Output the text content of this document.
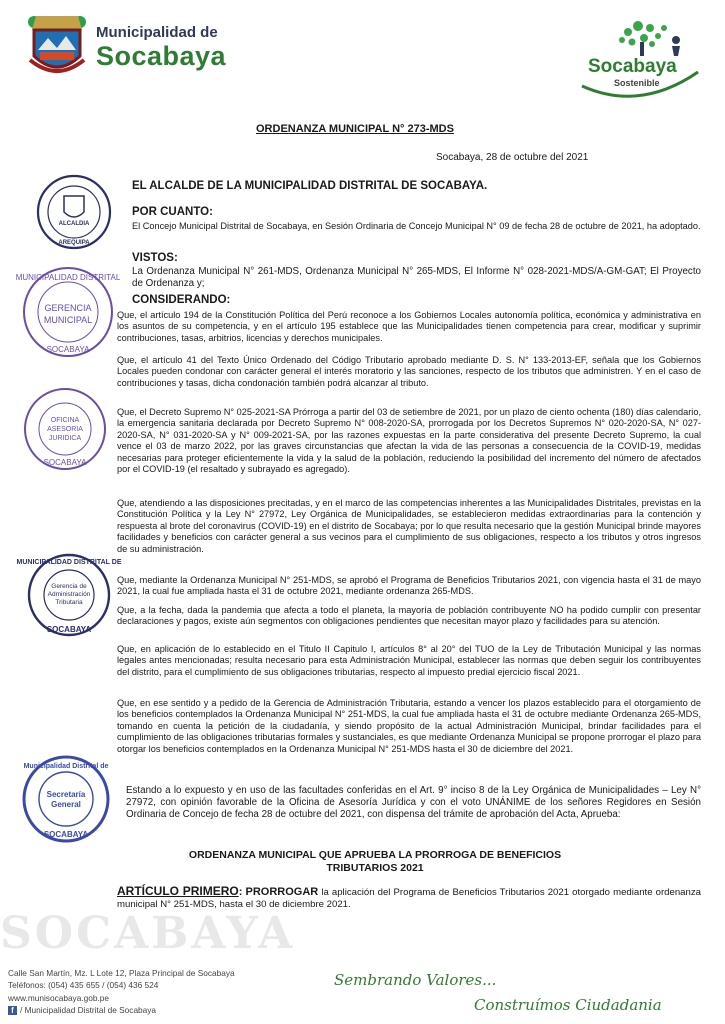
Municipalidad de
Socabaya	Socabaya
Sostenible
ORDENANZA MUNICIPAL N° 273-MDS
Socabaya, 28 de octubre del 2021
EL ALCALDE DE LA MUNICIPALIDAD DISTRITAL DE SOCABAYA.
POR CUANTO:

El Concejo Municipal Distrital de Socabaya, en Sesión Ordinaria de Concejo Municipal N° 09 de fecha 28 de octubre de 2021, ha adoptado.

VISTOS:

La Ordenanza Municipal N° 261-MDS, Ordenanza Municipal N° 265-MDS, El Informe N° 028-2021-MDS/A-GM-GAT; El Proyecto de Ordenanza y;

CONSIDERANDO:

Que, el artículo 194 de la Constitución Política del Perú reconoce a los Gobiernos Locales autonomía política, económica y administrativa en los asuntos de su competencia, y en el artículo 195 establece que las Municipalidades tienen competencia para crear, modificar y suprimir contribuciones, tasas, arbitrios, licencias y derechos municipales.

Que, el artículo 41 del Texto Único Ordenado del Código Tributario aprobado mediante D. S. N° 133-2013-EF, señala que los Gobiernos Locales pueden condonar con carácter general el interés moratorio y las sanciones, respecto de los tributos que administren. Y en el caso de contribuciones y tasas, dicha condonación también podrá alcanzar al tributo.

Que, el Decreto Supremo N° 025-2021-SA Prórroga a partir del 03 de setiembre de 2021, por un plazo de ciento ochenta (180) días calendario, la emergencia sanitaria declarada por Decreto Supremo N° 008-2020-SA, prorrogada por los Decretos Supremos N° 020-2020-SA, N° 027-2020-SA, N° 031-2020-SA y N° 009-2021-SA, por las razones expuestas en la parte considerativa del presente Decreto Supremo, la cual vence el 03 de marzo 2022, por las graves circunstancias que afectan la vida de las personas a consecuencia de la COVID-19, medidas necesarias para proteger eficientemente la vida y la salud de la población, reduciendo la posibilidad del incremento del número de afectados por el COVID-19 (el resaltado y subrayado es agregado).

Que, atendiendo a las disposiciones precitadas, y en el marco de las competencias inherentes a las Municipalidades Distritales, previstas en la Constitución Política y la Ley N° 27972, Ley Orgánica de Municipalidades, se establecieron medidas extraordinarias para la contención y respuesta al brote del coronavirus (COVID-19) en el distrito de Socabaya; por lo que resulta necesario que la gestión Municipal brinde mayores facilidades y beneficios con carácter general a sus vecinos para el cumplimiento de sus obligaciones, respecto a los tributos y otros ingresos de su administración.

Que, mediante la Ordenanza Municipal N° 251-MDS, se aprobó el Programa de Beneficios Tributarios 2021, con vigencia hasta el 31 de mayo 2021, la cual fue ampliada hasta el 31 de octubre 2021, mediante ordenanza 265-MDS.

Que, a la fecha, dada la pandemia que afecta a todo el planeta, la mayoría de población contribuyente NO ha podido cumplir con presentar declaraciones y pagos, existe aún segmentos con obligaciones pendientes que necesitan mayor plazo y facilidades para su atención.

Que, en aplicación de lo establecido en el Titulo II Capitulo I, artículos 8° al 20° del TUO de la Ley de Tributación Municipal y las normas legales antes mencionadas; resulta necesario para esta Administración Municipal, establecer las normas que deben seguir los contribuyentes del distrito, para el cumplimiento de sus obligaciones tributarias, respecto al impuesto predial ejercicio fiscal 2021.

Que, en ese sentido y a pedido de la Gerencia de Administración Tributaria, estando a vencer los plazos establecido para el otorgamiento de los beneficios contemplados la Ordenanza Municipal N° 251-MDS, la cual fue ampliada hasta el 31 de octubre mediante Ordenanza 265-MDS, tomando en cuenta la petición de la ciudadanía, y siendo propósito de la actual Administración Municipal, brindar facilidades para el cumplimiento de las obligaciones tributarias formales y sustanciales, es que mediante Ordenanza Municipal se propone prorrogar el plazo para otorgar los beneficios contemplados en la Ordenanza Municipal N° 251-MDS hasta el 30 de diciembre del 2021.

Estando a lo expuesto y en uso de las facultades conferidas en el Art. 9° inciso 8 de la Ley Orgánica de Municipalidades – Ley N° 27972, con opinión favorable de la Oficina de Asesoría Jurídica y con el voto UNÁNIME de los señores Regidores en Sesión Ordinaria de Concejo de fecha 28 de octubre del 2021, con dispensa del trámite de aprobación del Acta, Aprueba:

ORDENANZA MUNICIPAL QUE APRUEBA LA PRORROGA DE BENEFICIOS
TRIBUTARIOS 2021
SOCABAYA

ARTÍCULO PRIMERO: PRORROGAR la aplicación del Programa de Beneficios Tributarios 2021 otorgado mediante ordenanza municipal N° 251-MDS, hasta el 30 de diciembre 2021.

ALCALDIA
AREQUIPA
MUNICIPALIDAD DISTRITAL
GERENCIA
MUNICIPAL
SOCABAYA
OFICINA
ASESORIA
JURIDICA
SOCABAYA
MUNICIPALIDAD DISTRITAL DE
Gerencia de
Administración
Tributaria
SOCABAYA
Municipalidad Distrital de
Secretaría
General
SOCABAYA
Calle San Martín, Mz. L Lote 12, Plaza Principal de Socabaya
Teléfonos: (054) 435 655 / (054) 436 524
www.munisocabaya.gob.pe
f / Municipalidad Distrital de Socabaya
Sembrando Valores...
Construímos Ciudadania
